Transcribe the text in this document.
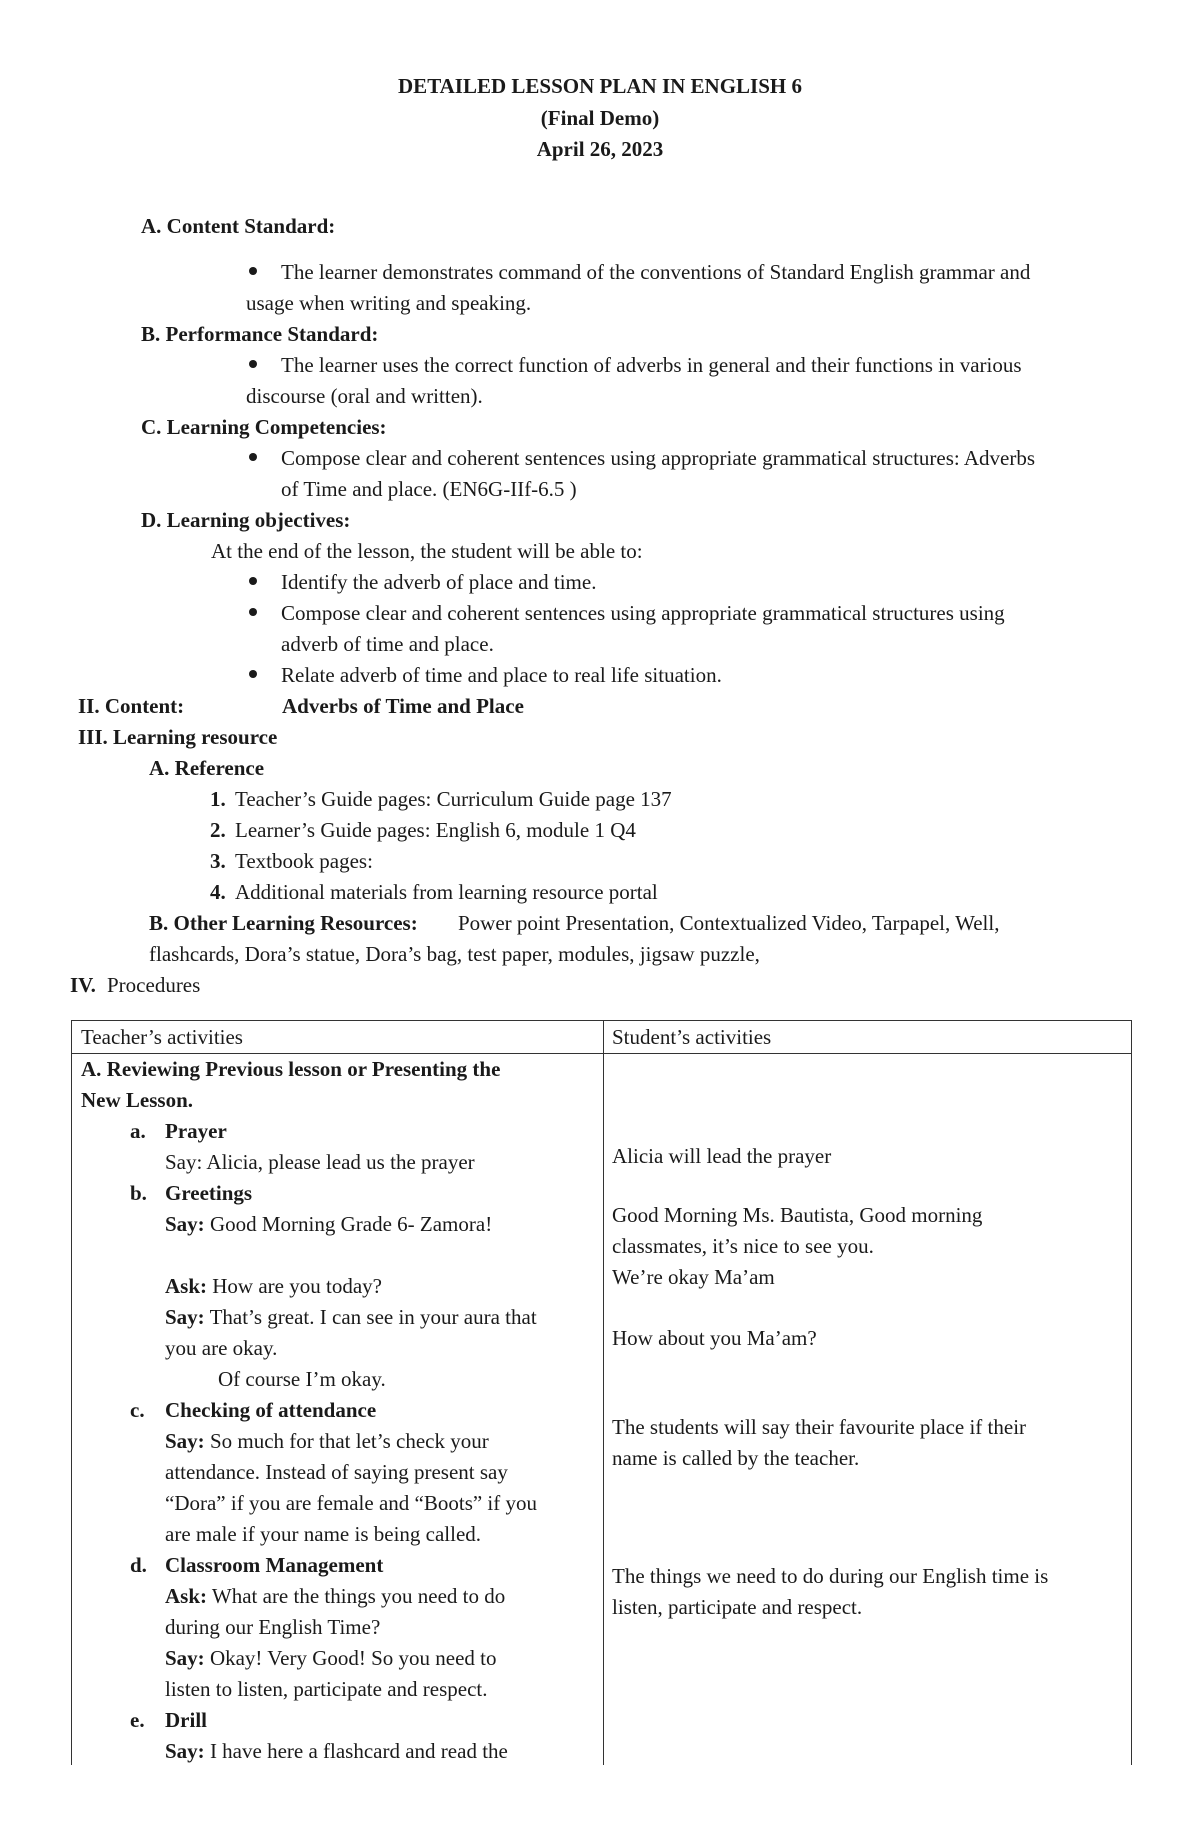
DETAILED LESSON PLAN IN ENGLISH 6
(Final Demo)
April 26, 2023
A. Content Standard:
The learner demonstrates command of the conventions of Standard English grammar and
usage when writing and speaking.
B. Performance Standard:
The learner uses the correct function of adverbs in general and their functions in various
discourse (oral and written).
C. Learning Competencies:
Compose clear and coherent sentences using appropriate grammatical structures: Adverbs
of Time and place. (EN6G-IIf-6.5 )
D. Learning objectives:
At the end of the lesson, the student will be able to:
Identify the adverb of place and time.
Compose clear and coherent sentences using appropriate grammatical structures using
adverb of time and place.
Relate adverb of time and place to real life situation.
II. Content:	Adverbs of Time and Place
III. Learning resource
A. Reference
1. Teacher’s Guide pages: Curriculum Guide page 137
2. Learner’s Guide pages: English 6, module 1 Q4
3. Textbook pages:
4. Additional materials from learning resource portal
B. Other Learning Resources: Power point Presentation, Contextualized Video, Tarpapel, Well,
flashcards, Dora’s statue, Dora’s bag, test paper, modules, jigsaw puzzle,
IV. Procedures
Teacher’s activities	Student’s activities
A. Reviewing Previous lesson or Presenting the
New Lesson.
a. Prayer
Say: Alicia, please lead us the prayer
b. Greetings
Say: Good Morning Grade 6- Zamora!
Ask: How are you today?
Say: That’s great. I can see in your aura that
you are okay.
Of course I’m okay.
c. Checking of attendance
Say: So much for that let’s check your
attendance. Instead of saying present say
“Dora” if you are female and “Boots” if you
are male if your name is being called.
d. Classroom Management
Ask: What are the things you need to do
during our English Time?
Say: Okay! Very Good! So you need to
listen to listen, participate and respect.
e. Drill
Say: I have here a flashcard and read the
Alicia will lead the prayer
Good Morning Ms. Bautista, Good morning
classmates, it’s nice to see you.
We’re okay Ma’am
How about you Ma’am?
The students will say their favourite place if their
name is called by the teacher.
The things we need to do during our English time is
listen, participate and respect.
